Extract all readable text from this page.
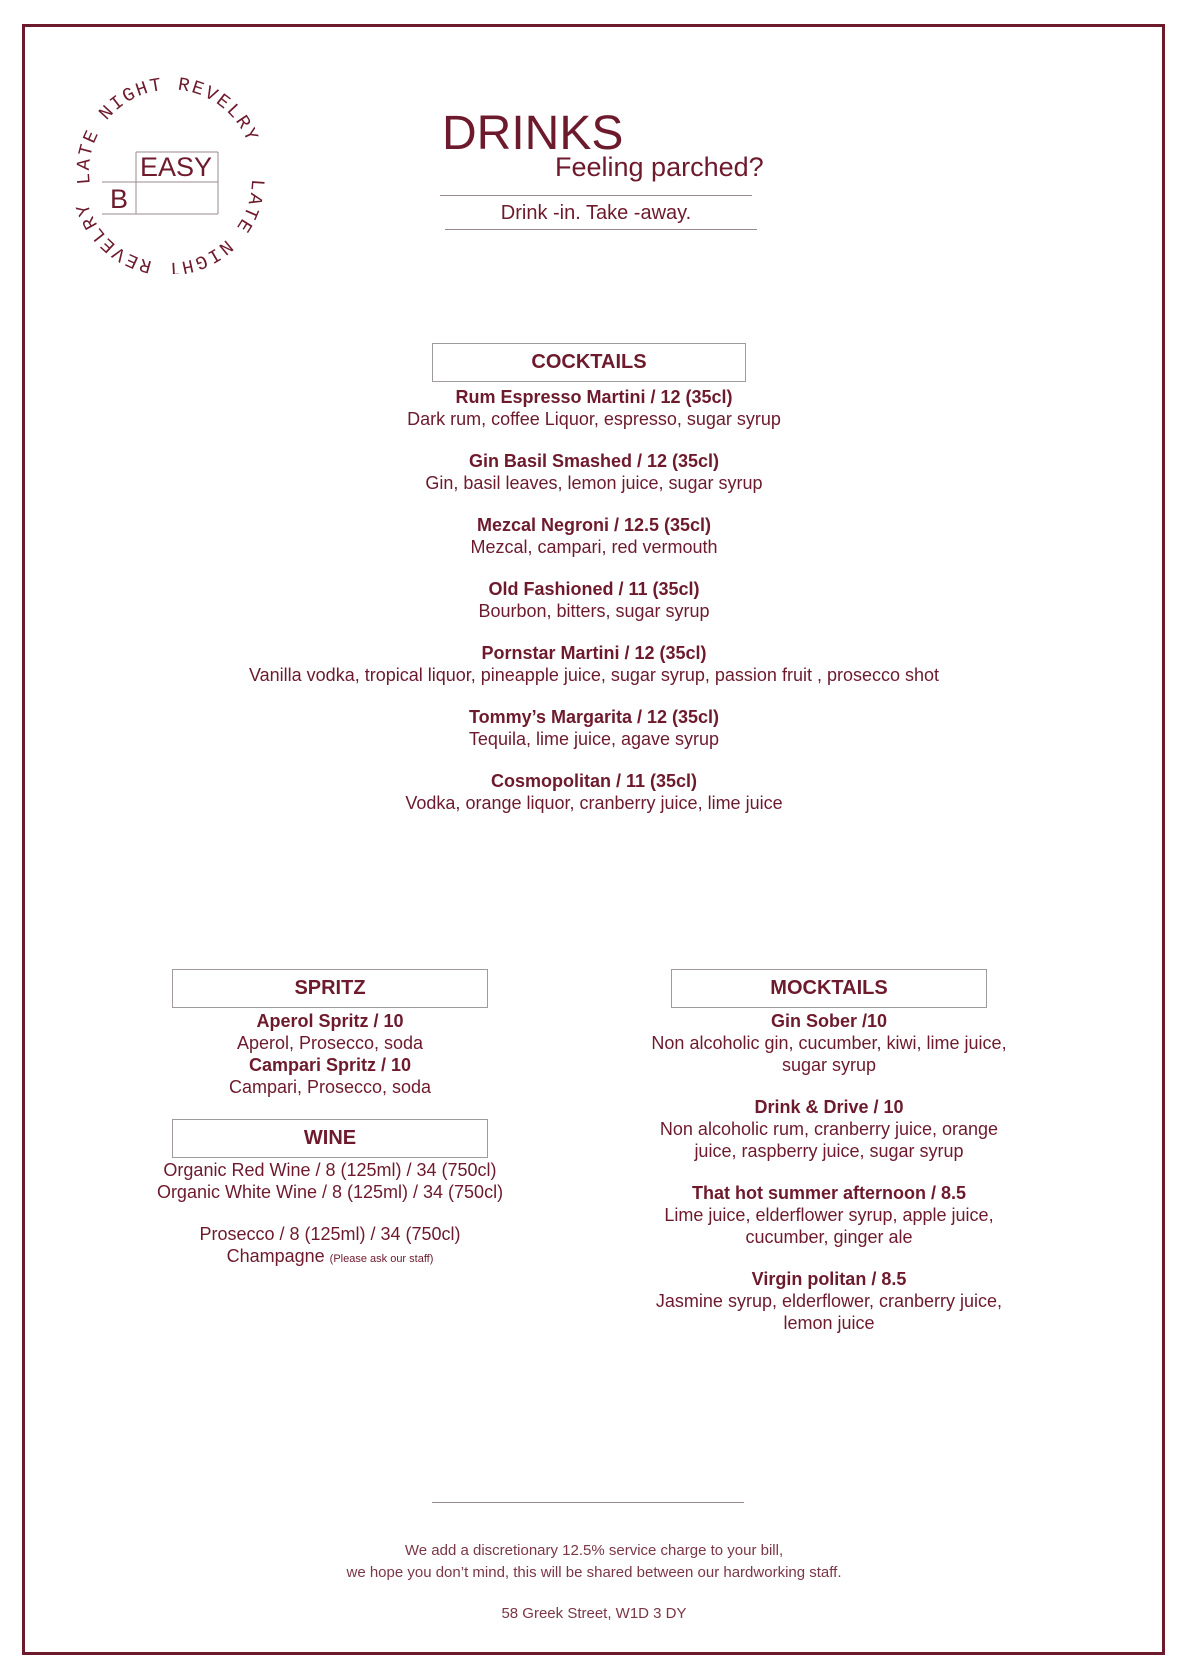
LATE NIGHT REVELRY
LATE NIGHT REVELRY
EASY
B
DRINKS
Feeling parched?
Drink -in. Take -away.
COCKTAILS
Rum Espresso Martini / 12 (35cl)
Dark rum, coffee Liquor, espresso, sugar syrup
Gin Basil Smashed / 12 (35cl)
Gin, basil leaves, lemon juice, sugar syrup
Mezcal Negroni / 12.5 (35cl)
Mezcal, campari, red vermouth
Old Fashioned / 11 (35cl)
Bourbon, bitters, sugar syrup
Pornstar Martini / 12 (35cl)
Vanilla vodka, tropical liquor, pineapple juice, sugar syrup, passion fruit , prosecco shot
Tommy’s Margarita / 12 (35cl)
Tequila, lime juice, agave syrup
Cosmopolitan / 11 (35cl)
Vodka, orange liquor, cranberry juice, lime juice
SPRITZ
Aperol Spritz / 10
Aperol, Prosecco, soda
Campari Spritz / 10
Campari, Prosecco, soda
WINE
Organic Red Wine / 8 (125ml) / 34 (750cl)
Organic White Wine / 8 (125ml) / 34 (750cl)
Prosecco / 8 (125ml) / 34 (750cl)
Champagne (Please ask our staff)
MOCKTAILS
Gin Sober /10
Non alcoholic gin, cucumber, kiwi, lime juice,
sugar syrup
Drink & Drive / 10
Non alcoholic rum, cranberry juice, orange
juice, raspberry juice, sugar syrup
That hot summer afternoon / 8.5
Lime juice, elderflower syrup, apple juice,
cucumber, ginger ale
Virgin politan / 8.5
Jasmine syrup, elderflower, cranberry juice,
lemon juice
We add a discretionary 12.5% service charge to your bill,
we hope you don’t mind, this will be shared between our hardworking staff.
58 Greek Street, W1D 3 DY
